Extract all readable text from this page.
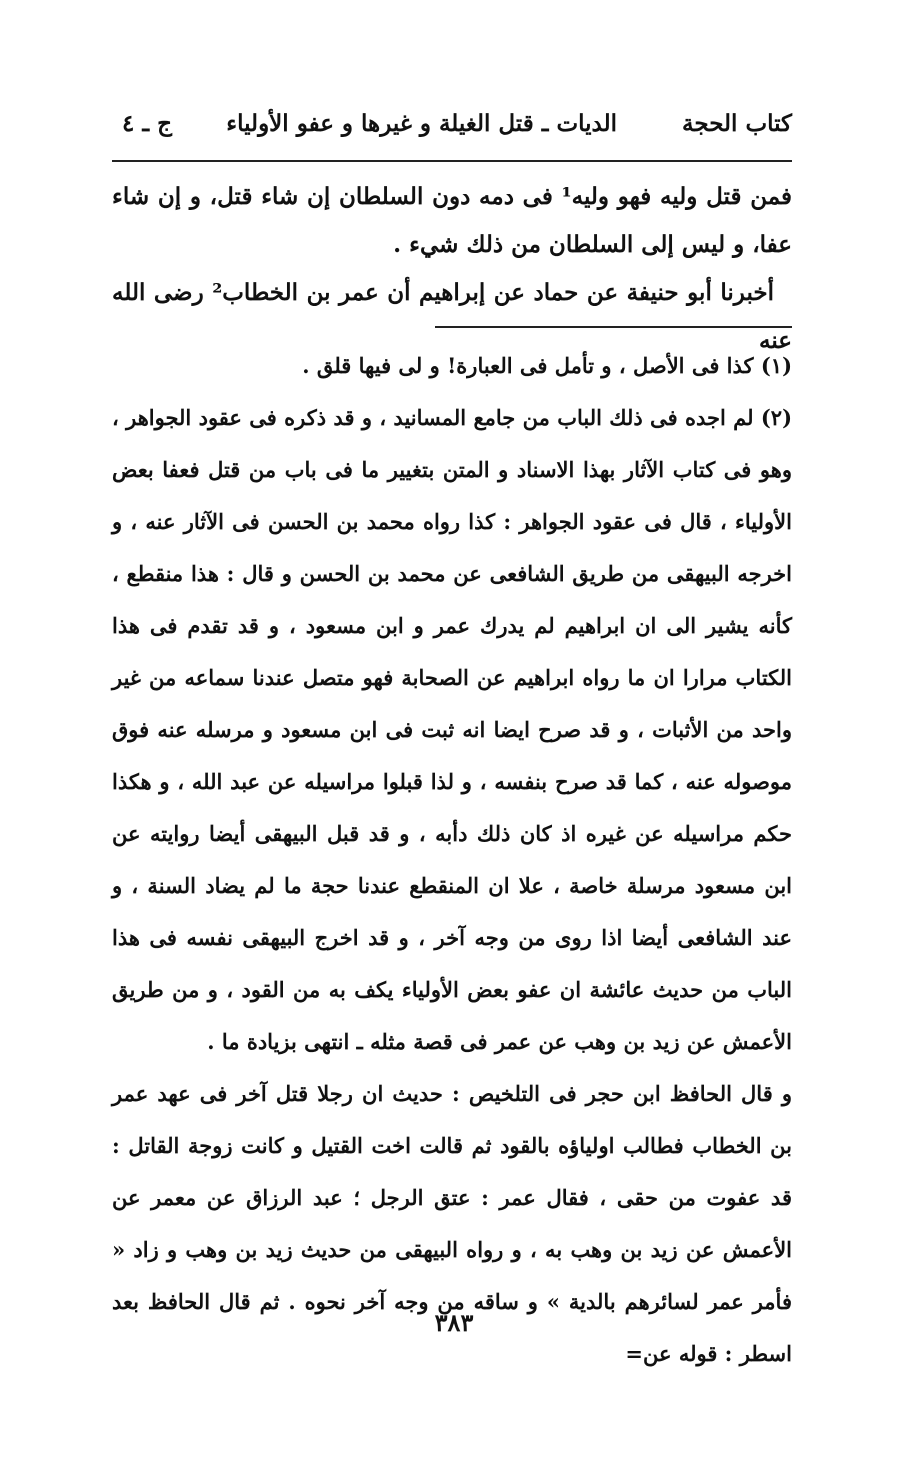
كتاب الحجة
الديات ـ قتل الغيلة و غيرها و عفو الأولياء
ج ـ ٤

فمن قتل وليه فهو وليه¹ فى دمه دون السلطان إن شاء قتل، و إن شاء عفا، و ليس إلى السلطان من ذلك شيء .

أخبرنا أبو حنيفة عن حماد عن إبراهيم أن عمر بن الخطاب² رضى الله عنه

(١) كذا فى الأصل ، و تأمل فى العبارة! و لى فيها قلق .

(٢) لم اجده فى ذلك الباب من جامع المسانيد ، و قد ذكره فى عقود الجواهر ، وهو فى كتاب الآثار بهذا الاسناد و المتن بتغيير ما فى باب من قتل فعفا بعض الأولياء ، قال فى عقود الجواهر : كذا رواه محمد بن الحسن فى الآثار عنه ، و اخرجه البيهقى من طريق الشافعى عن محمد بن الحسن و قال : هذا منقطع ، كأنه يشير الى ان ابراهيم لم يدرك عمر و ابن مسعود ، و قد تقدم فى هذا الكتاب مرارا ان ما رواه ابراهيم عن الصحابة فهو متصل عندنا سماعه من غير واحد من الأثبات ، و قد صرح ايضا انه ثبت فى ابن مسعود و مرسله عنه فوق موصوله عنه ، كما قد صرح بنفسه ، و لذا قبلوا مراسيله عن عبد الله ، و هكذا حكم مراسيله عن غيره اذ كان ذلك دأبه ، و قد قبل البيهقى أيضا روايته عن ابن مسعود مرسلة خاصة ، علا ان المنقطع عندنا حجة ما لم يضاد السنة ، و عند الشافعى أيضا اذا روى من وجه آخر ، و قد اخرج البيهقى نفسه فى هذا الباب من حديث عائشة ان عفو بعض الأولياء يكف به من القود ، و من طريق الأعمش عن زيد بن وهب عن عمر فى قصة مثله ـ انتهى بزيادة ما .

و قال الحافظ ابن حجر فى التلخيص : حديث ان رجلا قتل آخر فى عهد عمر بن الخطاب فطالب اولياؤه بالقود ثم قالت اخت القتيل و كانت زوجة القاتل : قد عفوت من حقى ، فقال عمر : عتق الرجل ؛ عبد الرزاق عن معمر عن الأعمش عن زيد بن وهب به ، و رواه البيهقى من حديث زيد بن وهب و زاد « فأمر عمر لسائرهم بالدية » و ساقه من وجه آخر نحوه . ثم قال الحافظ بعد اسطر : قوله عن=

٣٨٣
